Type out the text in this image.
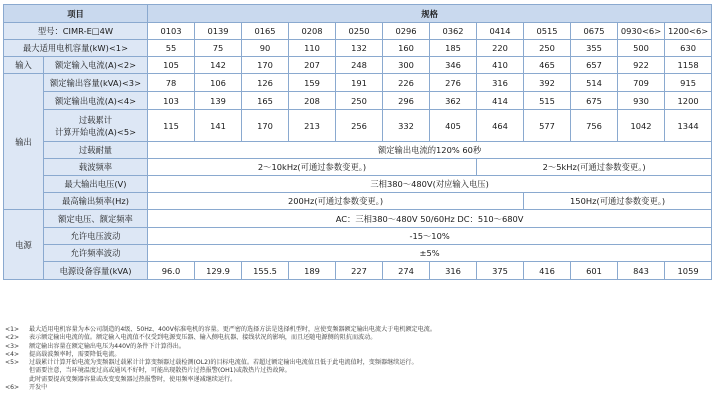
项目		规格											
型号：CIMR-E□4W		0103	0139	0165	0208	0250	0296	0362	0414	0515	0675	0930<6>	1200<6>
最大适用电机容量(kW)<1>		55	75	90	110	132	160	185	220	250	355	500	630
输入	额定输入电流(A)<2>	105	142	170	207	248	300	346	410	465	657	922	1158
输出	额定输出容量(kVA)<3>	78	106	126	159	191	226	276	316	392	514	709	915
	额定输出电流(A)<4>	103	139	165	208	250	296	362	414	515	675	930	1200
	过载累计
计算开始电流(A)<5>	115	141	170	213	256	332	405	464	577	756	1042	1344
	过载耐量	额定输出电流的120% 60秒											
	载波频率	2～10kHz(可通过参数变更。)							2～5kHz(可通过参数变更。)				
	最大输出电压(V)	三相380～480V(对应输入电压)											
	最高输出频率(Hz)	200Hz(可通过参数变更。)								150Hz(可通过参数变更。)			
电源	额定电压、额定频率	AC：三相380～480V 50/60Hz DC：510～680V											
	允许电压波动	-15～10%											
	允许频率波动	±5%											
	电源设备容量(kVA)	96.0	129.9	155.5	189	227	274	316	375	416	601	843	1059
<1>	最大适用电机容量为本公司制造的4级、50Hz、400V标准电机的容量。更严密的选择方法是选择机型时，应使变频器额定输出电流大于电机额定电流。
<2>	表示额定输出电流的值。额定输入电流值不仅受到电源变压器、输入侧电抗器、接线状况的影响，而且还随电源侧的阻抗而波动。
<3>	额定输出容量在额定输出电压为440V的条件下计算得出。
<4>	提高载波频率时，需要降低电流。
<5>	过载累计计算开始电流为变频器过载累计计算变频器过载检测(OL2)的目标电流值。若超过额定输出电流值且低于此电流值时，变频器继续运行。
但需要注意，当环境温度过高或通风不好时，可能出现散热片过热报警(OH1)或散热片过热故障。
此时需要提高变频器容量或改变变频器过热报警时，使用频率递减继续运行。
<6>	开发中
